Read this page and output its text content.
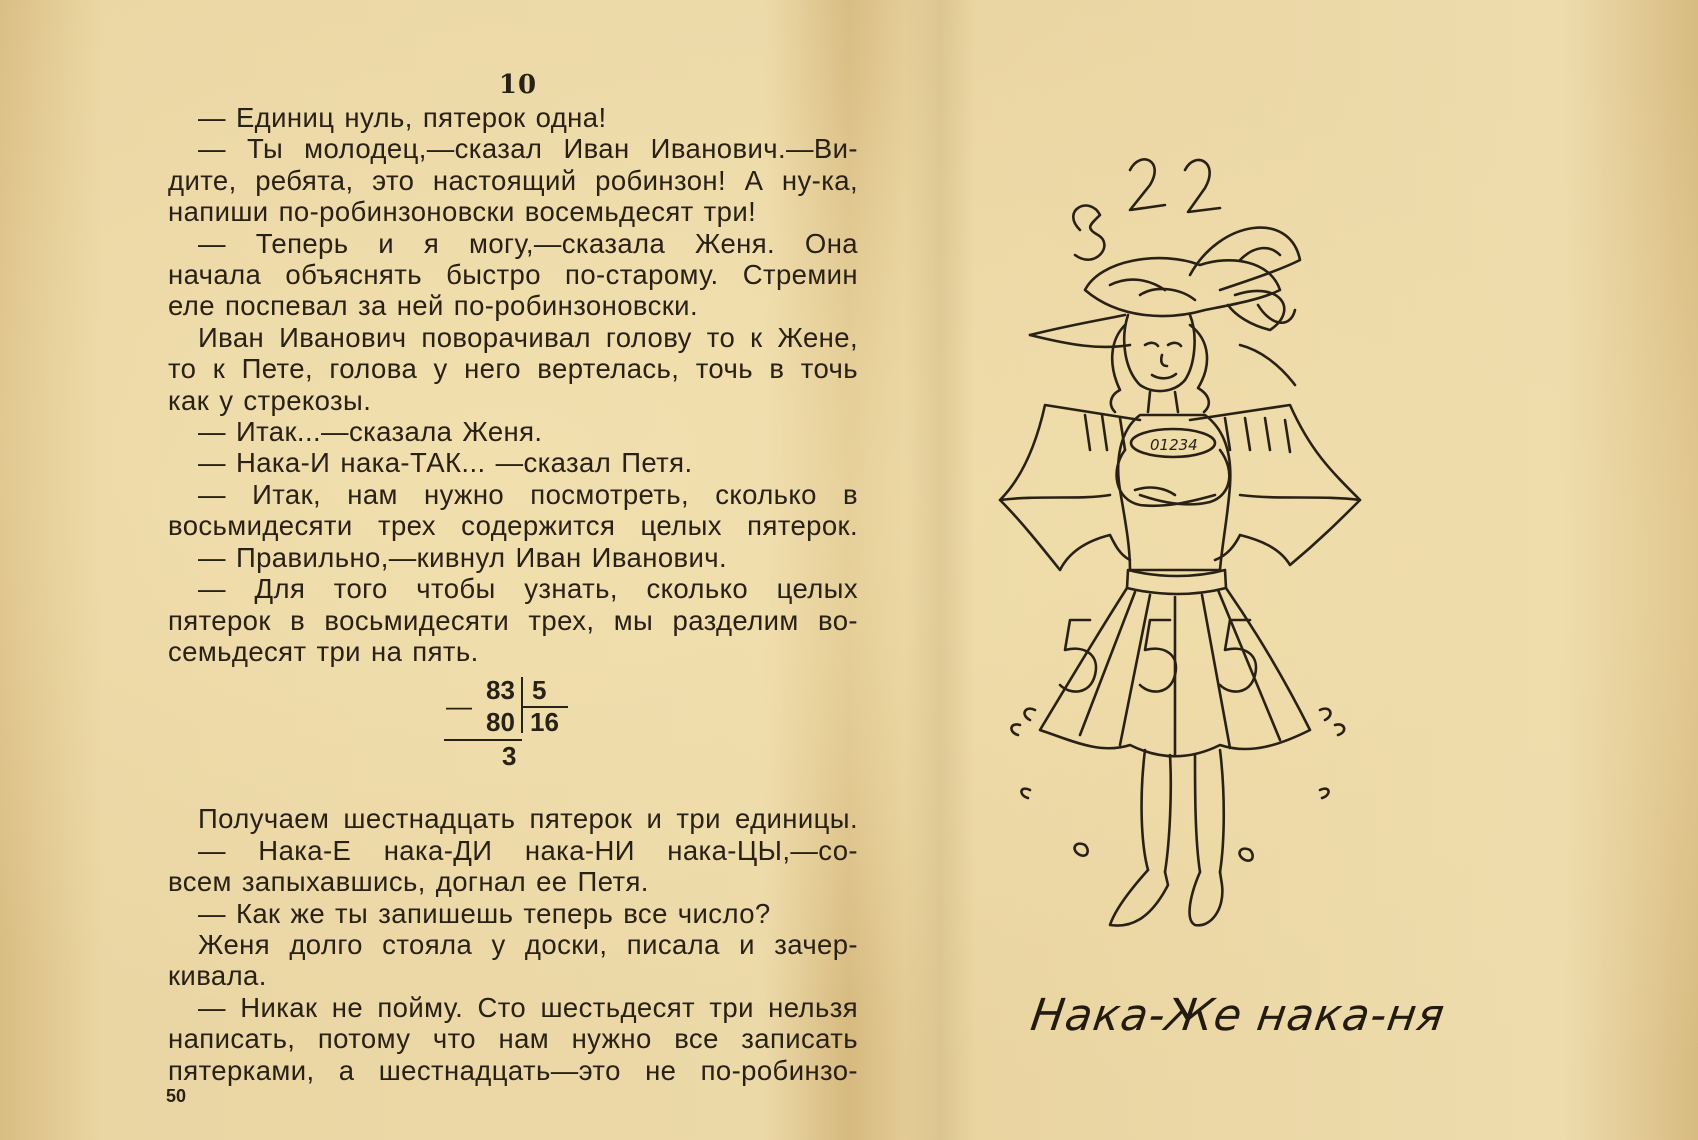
10
— Единиц нуль, пятерок одна!
— Ты молодец,—сказал Иван Иванович.—Ви-
дите, ребята, это настоящий робинзон! А ну-ка,
напиши по-робинзоновски восемьдесят три!
— Теперь и я могу,—сказала Женя. Она
начала объяснять быстро по-старому. Стремин
еле поспевал за ней по-робинзоновски.
Иван Иванович поворачивал голову то к Жене,
то к Пете, голова у него вертелась, точь в точь
как у стрекозы.
— Итак...—сказала Женя.
— Нака-И нака-ТАК... —сказал Петя.
— Итак, нам нужно посмотреть, сколько в
восьмидесяти трех содержится целых пятерок.
— Правильно,—кивнул Иван Иванович.
— Для того чтобы узнать, сколько целых
пятерок в восьмидесяти трех, мы разделим во-
семьдесят три на пять.
—
83 5
80 16
3
Получаем шестнадцать пятерок и три единицы.
— Нака-Е нака-ДИ нака-НИ нака-ЦЫ,—со-
всем запыхавшись, догнал ее Петя.
— Как же ты запишешь теперь все число?
Женя долго стояла у доски, писала и зачер-
кивала.
— Никак не пойму. Сто шестьдесят три нельзя
написать, потому что нам нужно все записать
пятерками, а шестнадцать—это не по-робинзо-
50
01234
Нака-Же нака-ня
